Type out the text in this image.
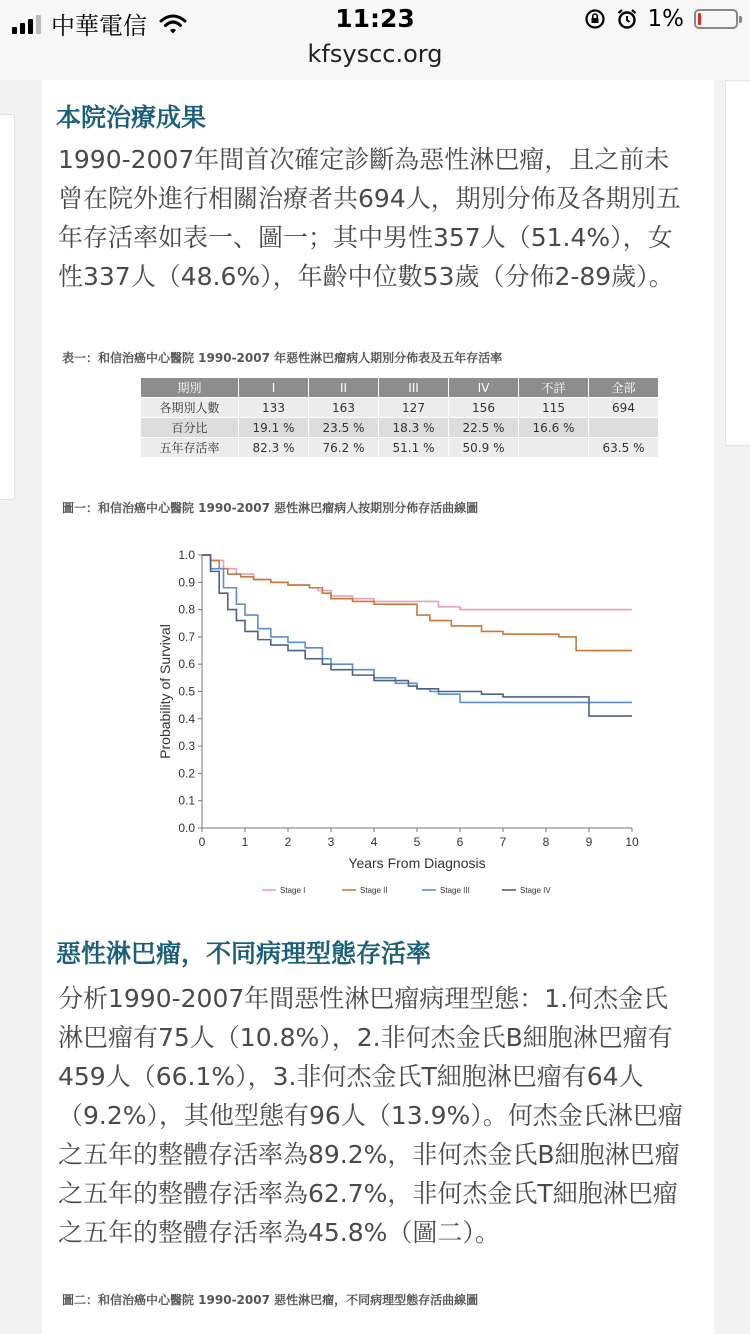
中華電信	11:23
kfsyscc.org
1%
本院治療成果

1990-2007年間首次確定診斷為惡性淋巴瘤，且之前未曾在院外進行相關治療者共694人，期別分佈及各期別五年存活率如表一、圖一；其中男性357人（51.4%），女性337人（48.6%），年齡中位數53歲（分佈2-89歲）。

表一：和信治癌中心醫院 1990-2007 年惡性淋巴瘤病人期別分佈表及五年存活率
期別	I	II	III	IV	不詳	全部
各期別人數	133	163	127	156	115	694
百分比	19.1 %	23.5 %	18.3 %	22.5 %	16.6 %	
五年存活率	82.3 %	76.2 %	51.1 %	50.9 %		63.5 %
圖一：和信治癌中心醫院 1990-2007 惡性淋巴瘤病人按期別分佈存活曲線圖
0.0
0.1
0.2
0.3
0.4
0.5
0.6
0.7
0.8
0.9
1.0
0	1	2	3	4	5	6	7	8	9	10
Years From Diagnosis
Probability of Survival
Stage I	Stage II	Stage III	Stage IV
惡性淋巴瘤，不同病理型態存活率

分析1990-2007年間惡性淋巴瘤病理型態：1.何杰金氏淋巴瘤有75人（10.8%），2.非何杰金氏B細胞淋巴瘤有459人（66.1%），3.非何杰金氏T細胞淋巴瘤有64人（9.2%），其他型態有96人（13.9%）。何杰金氏淋巴瘤之五年的整體存活率為89.2%，非何杰金氏B細胞淋巴瘤之五年的整體存活率為62.7%，非何杰金氏T細胞淋巴瘤之五年的整體存活率為45.8%（圖二）。

圖二：和信治癌中心醫院 1990-2007 惡性淋巴瘤，不同病理型態存活曲線圖
